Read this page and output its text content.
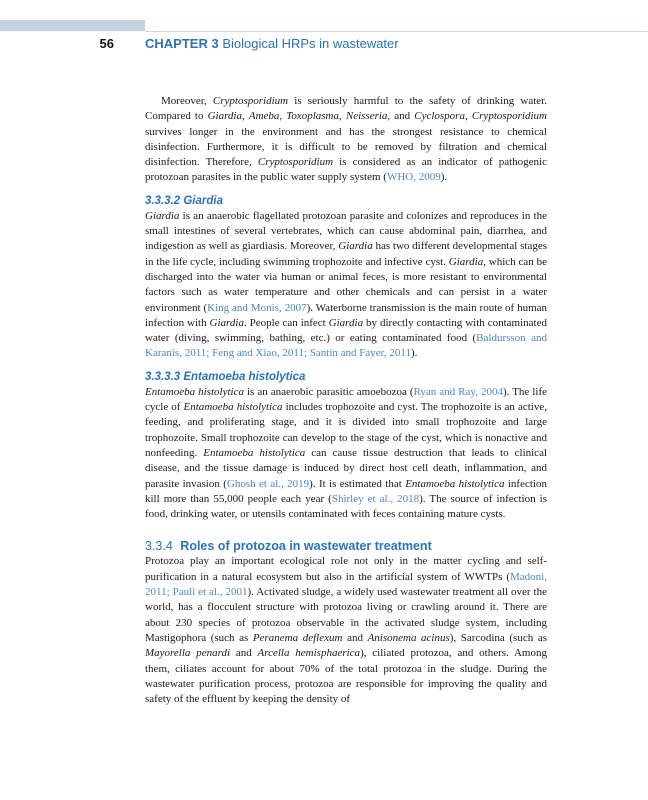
56 CHAPTER 3 Biological HRPs in wastewater

Moreover, Cryptosporidium is seriously harmful to the safety of drinking water. Compared to Giardia, Ameba, Toxoplasma, Neisseria, and Cyclospora, Cryptosporidium survives longer in the environment and has the strongest resistance to chemical disinfection. Furthermore, it is difficult to be removed by filtration and chemical disinfection. Therefore, Cryptosporidium is considered as an indicator of pathogenic protozoan parasites in the public water supply system (WHO, 2009).

3.3.3.2 Giardia

Giardia is an anaerobic flagellated protozoan parasite and colonizes and reproduces in the small intestines of several vertebrates, which can cause abdominal pain, diarrhea, and indigestion as well as giardiasis. Moreover, Giardia has two different developmental stages in the life cycle, including swimming trophozoite and infective cyst. Giardia, which can be discharged into the water via human or animal feces, is more resistant to environmental factors such as water temperature and other chemicals and can persist in a water environment (King and Monis, 2007). Waterborne transmission is the main route of human infection with Giardia. People can infect Giardia by directly contacting with contaminated water (diving, swimming, bathing, etc.) or eating contaminated food (Baldursson and Karanis, 2011; Feng and Xiao, 2011; Santín and Fayer, 2011).

3.3.3.3 Entamoeba histolytica

Entamoeba histolytica is an anaerobic parasitic amoebozoa (Ryan and Ray, 2004). The life cycle of Entamoeba histolytica includes trophozoite and cyst. The trophozoite is an active, feeding, and proliferating stage, and it is divided into small trophozoite and large trophozoite. Small trophozoite can develop to the stage of the cyst, which is nonactive and nonfeeding. Entamoeba histolytica can cause tissue destruction that leads to clinical disease, and the tissue damage is induced by direct host cell death, inflammation, and parasite invasion (Ghosh et al., 2019). It is estimated that Entamoeba histolytica infection kill more than 55,000 people each year (Shirley et al., 2018). The source of infection is food, drinking water, or utensils contaminated with feces containing mature cysts.

3.3.4 Roles of protozoa in wastewater treatment

Protozoa play an important ecological role not only in the matter cycling and self-purification in a natural ecosystem but also in the artificial system of WWTPs (Madoni, 2011; Pauli et al., 2001). Activated sludge, a widely used wastewater treatment all over the world, has a flocculent structure with protozoa living or crawling around it. There are about 230 species of protozoa observable in the activated sludge system, including Mastigophora (such as Peranema deflexum and Anisonema acinus), Sarcodina (such as Mayorella penardi and Arcella hemisphaerica), ciliated protozoa, and others. Among them, ciliates account for about 70% of the total protozoa in the sludge. During the wastewater purification process, protozoa are responsible for improving the quality and safety of the effluent by keeping the density of
